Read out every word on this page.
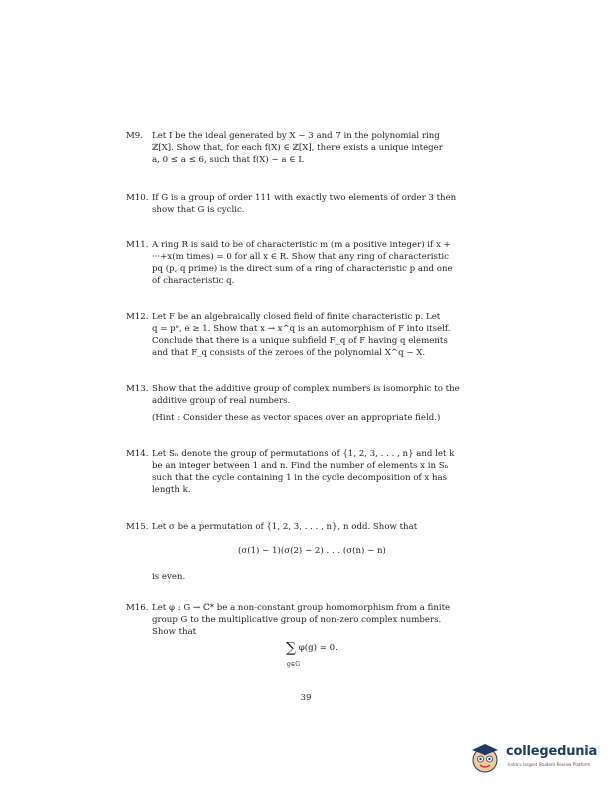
M9. Let I be the ideal generated by X − 3 and 7 in the polynomial ring
ℤ[X]. Show that, for each f(X) ∈ ℤ[X], there exists a unique integer
a, 0 ≤ a ≤ 6, such that f(X) − a ∈ I.
M10. If G is a group of order 111 with exactly two elements of order 3 then
show that G is cyclic.
M11. A ring R is said to be of characteristic m (m a positive integer) if x +
···+x(m times) = 0 for all x ∈ R. Show that any ring of characteristic
pq (p, q prime) is the direct sum of a ring of characteristic p and one
of characteristic q.
M12. Let F be an algebraically closed field of finite characteristic p. Let
q = pᵉ, e ≥ 1. Show that x → x^q is an automorphism of F into itself.
Conclude that there is a unique subfield F_q of F having q elements
and that F_q consists of the zeroes of the polynomial X^q − X.
M13. Show that the additive group of complex numbers is isomorphic to the
additive group of real numbers.
(Hint : Consider these as vector spaces over an appropriate field.)
M14. Let Sₙ denote the group of permutations of {1, 2, 3, . . . , n} and let k
be an integer between 1 and n. Find the number of elements x in Sₙ
such that the cycle containing 1 in the cycle decomposition of x has
length k.
M15. Let σ be a permutation of {1, 2, 3, . . . , n}, n odd. Show that
(σ(1) − 1)(σ(2) − 2) . . . (σ(n) − n)
is even.
M16. Let φ : G → ℂ* be a non-constant group homomorphism from a finite
group G to the multiplicative group of non-zero complex numbers.
Show that
∑ φ(g) = 0.
g∈G
39
collegedunia
India's largest Student Review Platform
